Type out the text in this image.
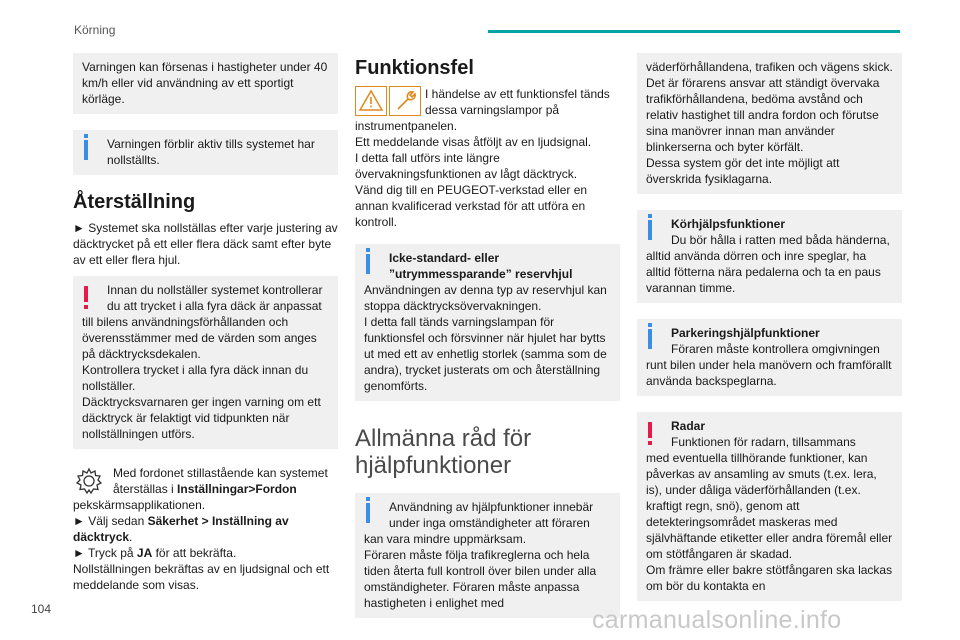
Körning

Varningen kan försenas i hastigheter under 40 km/h eller vid användning av ett sportigt körläge.

Varningen förblir aktiv tills systemet har nollställts.

Återställning

► Systemet ska nollställas efter varje justering av däcktrycket på ett eller flera däck samt efter byte av ett eller flera hjul.

Innan du nollställer systemet kontrollerar du att trycket i alla fyra däck är anpassat

till bilens användningsförhållanden och överensstämmer med de värden som anges på däcktrycksdekalen.

Kontrollera trycket i alla fyra däck innan du nollställer.

Däcktrycksvarnaren ger ingen varning om ett däcktryck är felaktigt vid tidpunkten när nollställningen utförs.

Med fordonet stillastående kan systemet återställas i Inställningar>Fordon

pekskärmsapplikationen.

► Välj sedan Säkerhet > Inställning av däcktryck.

► Tryck på JA för att bekräfta.

Nollställningen bekräftas av en ljudsignal och ett meddelande som visas.

Funktionsfel
I händelse av ett funktionsfel tänds dessa varningslampor på

instrumentpanelen.

Ett meddelande visas åtföljt av en ljudsignal.

I detta fall utförs inte längre övervakningsfunktionen av lågt däcktryck.

Vänd dig till en PEUGEOT-verkstad eller en annan kvalificerad verkstad för att utföra en kontroll.

Icke-standard- eller ”utrymmessparande” reservhjul

Användningen av denna typ av reservhjul kan stoppa däcktrycksövervakningen.

I detta fall tänds varningslampan för funktionsfel och försvinner när hjulet har bytts ut med ett av enhetlig storlek (samma som de andra), trycket justerats om och återställning genomförts.

Allmänna råd för hjälpfunktioner

Användning av hjälpfunktioner innebär under inga omständigheter att föraren

kan vara mindre uppmärksam.

Föraren måste följa trafikreglerna och hela tiden återta full kontroll över bilen under alla omständigheter. Föraren måste anpassa hastigheten i enlighet med

väderförhållandena, trafiken och vägens skick.

Det är förarens ansvar att ständigt övervaka trafikförhållandena, bedöma avstånd och relativ hastighet till andra fordon och förutse sina manövrer innan man använder blinkerserna och byter körfält.

Dessa system gör det inte möjligt att överskrida fysiklagarna.

Körhjälpsfunktioner

Du bör hålla i ratten med båda händerna,

alltid använda dörren och inre speglar, ha alltid fötterna nära pedalerna och ta en paus varannan timme.

Parkeringshjälpfunktioner

Föraren måste kontrollera omgivningen

runt bilen under hela manövern och framförallt använda backspeglarna.

Radar

Funktionen för radarn, tillsammans

med eventuella tillhörande funktioner, kan påverkas av ansamling av smuts (t.ex. lera, is), under dåliga väderförhållanden (t.ex. kraftigt regn, snö), genom att detekteringsområdet maskeras med självhäftande etiketter eller andra föremål eller om stötfångaren är skadad.

Om främre eller bakre stötfångaren ska lackas om bör du kontakta en

104	carmanualsonline.info
